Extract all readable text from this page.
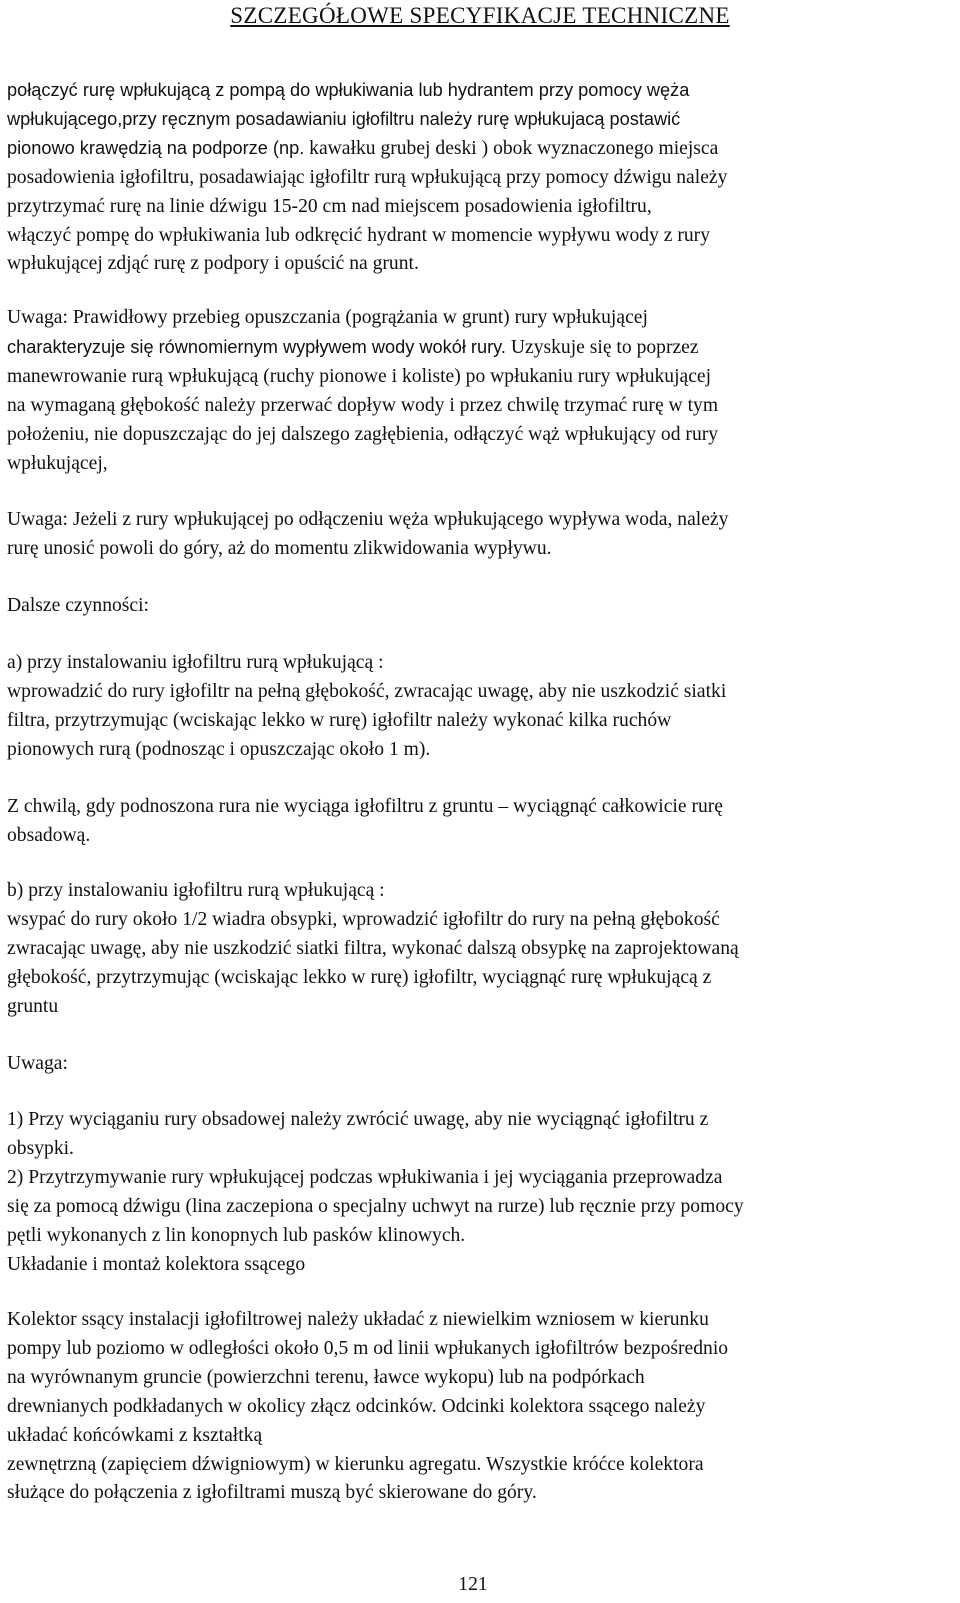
SZCZEGÓŁOWE SPECYFIKACJE TECHNICZNE
połączyć rurę wpłukującą z pompą do wpłukiwania lub hydrantem przy pomocy węża
wpłukującego,przy ręcznym posadawianiu igłofiltru należy rurę wpłukujacą postawić
pionowo krawędzią na podporze (np. kawałku grubej deski ) obok wyznaczonego miejsca
posadowienia igłofiltru, posadawiając igłofiltr rurą wpłukującą przy pomocy dźwigu należy
przytrzymać rurę na linie dźwigu 15-20 cm nad miejscem posadowienia igłofiltru,
włączyć pompę do wpłukiwania lub odkręcić hydrant w momencie wypływu wody z rury
wpłukującej zdjąć rurę z podpory i opuścić na grunt.
Uwaga: Prawidłowy przebieg opuszczania (pogrążania w grunt) rury wpłukującej
charakteryzuje się równomiernym wypływem wody wokół rury. Uzyskuje się to poprzez
manewrowanie rurą wpłukującą (ruchy pionowe i koliste) po wpłukaniu rury wpłukującej
na wymaganą głębokość należy przerwać dopływ wody i przez chwilę trzymać rurę w tym
położeniu, nie dopuszczając do jej dalszego zagłębienia, odłączyć wąż wpłukujący od rury
wpłukującej,

Uwaga: Jeżeli z rury wpłukującej po odłączeniu węża wpłukującego wypływa woda, należy
rurę unosić powoli do góry, aż do momentu zlikwidowania wypływu.

Dalsze czynności:

a) przy instalowaniu igłofiltru rurą wpłukującą :
wprowadzić do rury igłofiltr na pełną głębokość, zwracając uwagę, aby nie uszkodzić siatki
filtra, przytrzymując (wciskając lekko w rurę) igłofiltr należy wykonać kilka ruchów
pionowych rurą (podnosząc i opuszczając około 1 m).

Z chwilą, gdy podnoszona rura nie wyciąga igłofiltru z gruntu – wyciągnąć całkowicie rurę
obsadową.

b) przy instalowaniu igłofiltru rurą wpłukującą :
wsypać do rury około 1/2 wiadra obsypki, wprowadzić igłofiltr do rury na pełną głębokość
zwracając uwagę, aby nie uszkodzić siatki filtra, wykonać dalszą obsypkę na zaprojektowaną
głębokość, przytrzymując (wciskając lekko w rurę) igłofiltr, wyciągnąć rurę wpłukującą z
gruntu

Uwaga:

1) Przy wyciąganiu rury obsadowej należy zwrócić uwagę, aby nie wyciągnąć igłofiltru z
obsypki.
2) Przytrzymywanie rury wpłukującej podczas wpłukiwania i jej wyciągania przeprowadza
się za pomocą dźwigu (lina zaczepiona o specjalny uchwyt na rurze) lub ręcznie przy pomocy
pętli wykonanych z lin konopnych lub pasków klinowych.
Układanie i montaż kolektora ssącego

Kolektor ssący instalacji igłofiltrowej należy układać z niewielkim wzniosem w kierunku
pompy lub poziomo w odległości około 0,5 m od linii wpłukanych igłofiltrów bezpośrednio
na wyrównanym gruncie (powierzchni terenu, ławce wykopu) lub na podpórkach
drewnianych podkładanych w okolicy złącz odcinków. Odcinki kolektora ssącego należy
układać końcówkami z kształtką
zewnętrzną (zapięciem dźwigniowym) w kierunku agregatu. Wszystkie króćce kolektora
służące do połączenia z igłofiltrami muszą być skierowane do góry.

121
